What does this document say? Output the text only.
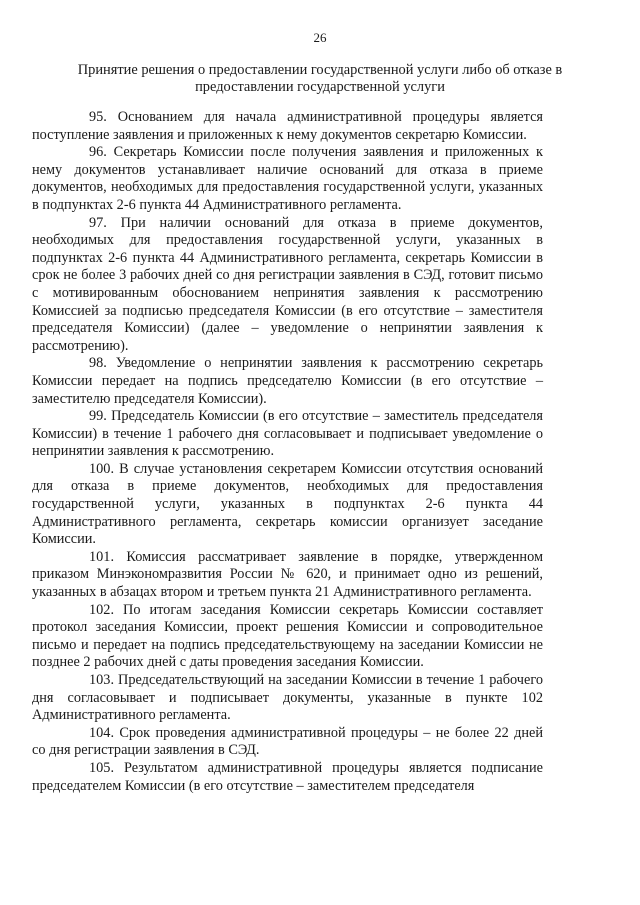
26
Принятие решения о предоставлении государственной услуги либо об отказе в предоставлении государственной услуги

95. Основанием для начала административной процедуры является поступление заявления и приложенных к нему документов секретарю Комиссии.

96. Секретарь Комиссии после получения заявления и приложенных к нему документов устанавливает наличие оснований для отказа в приеме документов, необходимых для предоставления государственной услуги, указанных в подпунктах 2-6 пункта 44 Административного регламента.

97. При наличии оснований для отказа в приеме документов, необходимых для предоставления государственной услуги, указанных в подпунктах 2-6 пункта 44 Административного регламента, секретарь Комиссии в срок не более 3 рабочих дней со дня регистрации заявления в СЭД, готовит письмо с мотивированным обоснованием непринятия заявления к рассмотрению Комиссией за подписью председателя Комиссии (в его отсутствие – заместителя председателя Комиссии) (далее – уведомление о непринятии заявления к рассмотрению).

98. Уведомление о непринятии заявления к рассмотрению секретарь Комиссии передает на подпись председателю Комиссии (в его отсутствие – заместителю председателя Комиссии).

99. Председатель Комиссии (в его отсутствие – заместитель председателя Комиссии) в течение 1 рабочего дня согласовывает и подписывает уведомление о непринятии заявления к рассмотрению.

100. В случае установления секретарем Комиссии отсутствия оснований для отказа в приеме документов, необходимых для предоставления государственной услуги, указанных в подпунктах 2-6 пункта 44 Административного регламента, секретарь комиссии организует заседание Комиссии.

101. Комиссия рассматривает заявление в порядке, утвержденном приказом Минэкономразвития России № 620, и принимает одно из решений, указанных в абзацах втором и третьем пункта 21 Административного регламента.

102. По итогам заседания Комиссии секретарь Комиссии составляет протокол заседания Комиссии, проект решения Комиссии и сопроводительное письмо и передает на подпись председательствующему на заседании Комиссии не позднее 2 рабочих дней с даты проведения заседания Комиссии.

103. Председательствующий на заседании Комиссии в течение 1 рабочего дня согласовывает и подписывает документы, указанные в пункте 102 Административного регламента.

104. Срок проведения административной процедуры – не более 22 дней со дня регистрации заявления в СЭД.

105. Результатом административной процедуры является подписание председателем Комиссии (в его отсутствие – заместителем председателя
